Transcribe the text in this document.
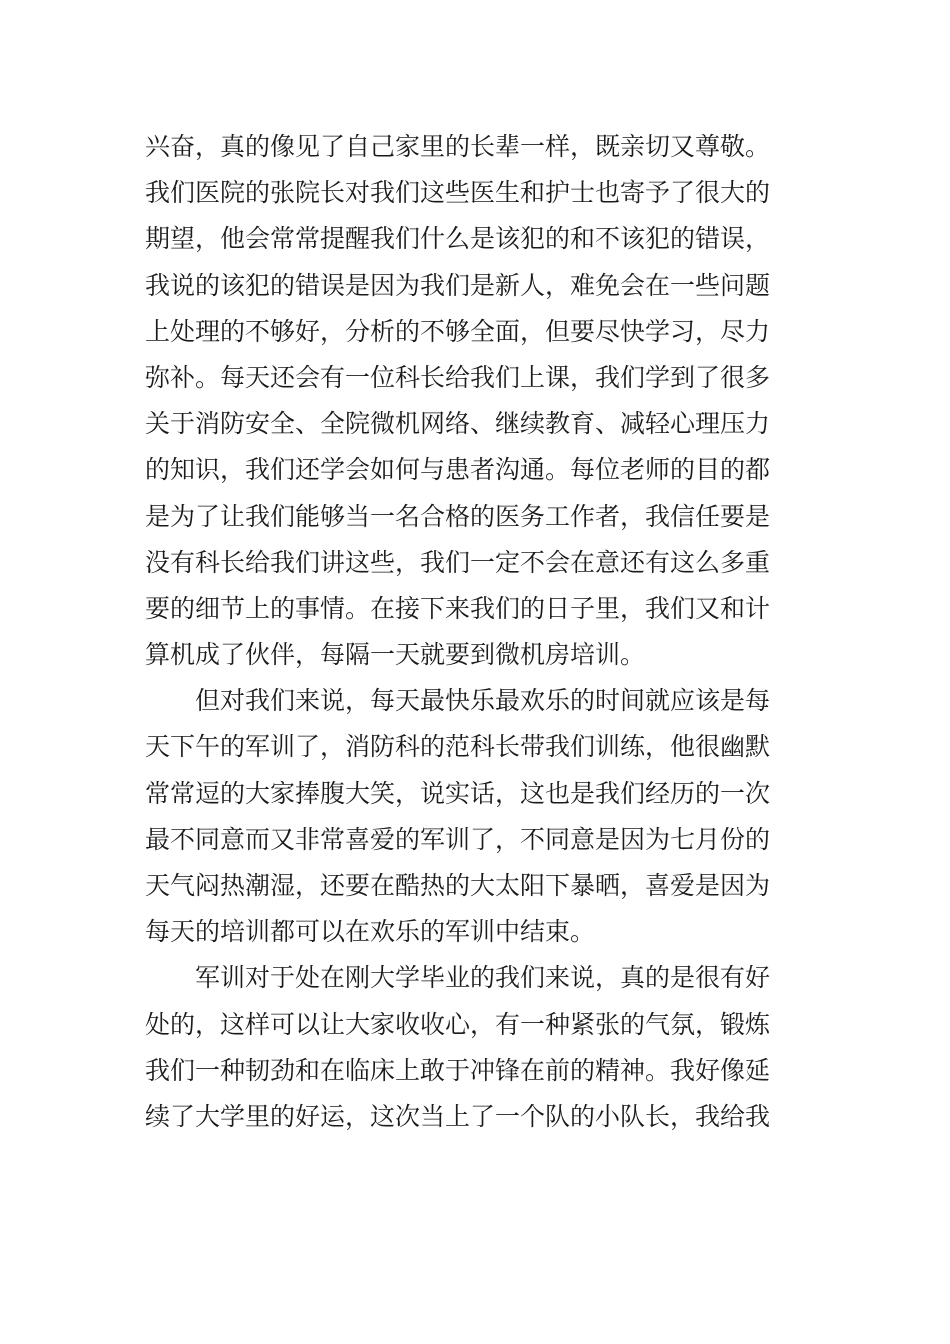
兴奋，真的像见了自己家里的长辈一样，既亲切又尊敬。
我们医院的张院长对我们这些医生和护士也寄予了很大的
期望，他会常常提醒我们什么是该犯的和不该犯的错误，
我说的该犯的错误是因为我们是新人，难免会在一些问题
上处理的不够好，分析的不够全面，但要尽快学习，尽力
弥补。每天还会有一位科长给我们上课，我们学到了很多
关于消防安全、全院微机网络、继续教育、减轻心理压力
的知识，我们还学会如何与患者沟通。每位老师的目的都
是为了让我们能够当一名合格的医务工作者，我信任要是
没有科长给我们讲这些，我们一定不会在意还有这么多重
要的细节上的事情。在接下来我们的日子里，我们又和计
算机成了伙伴，每隔一天就要到微机房培训。
但对我们来说，每天最快乐最欢乐的时间就应该是每
天下午的军训了，消防科的范科长带我们训练，他很幽默
常常逗的大家捧腹大笑，说实话，这也是我们经历的一次
最不同意而又非常喜爱的军训了，不同意是因为七月份的
天气闷热潮湿，还要在酷热的大太阳下暴晒，喜爱是因为
每天的培训都可以在欢乐的军训中结束。
军训对于处在刚大学毕业的我们来说，真的是很有好
处的，这样可以让大家收收心，有一种紧张的气氛，锻炼
我们一种韧劲和在临床上敢于冲锋在前的精神。我好像延
续了大学里的好运，这次当上了一个队的小队长，我给我
